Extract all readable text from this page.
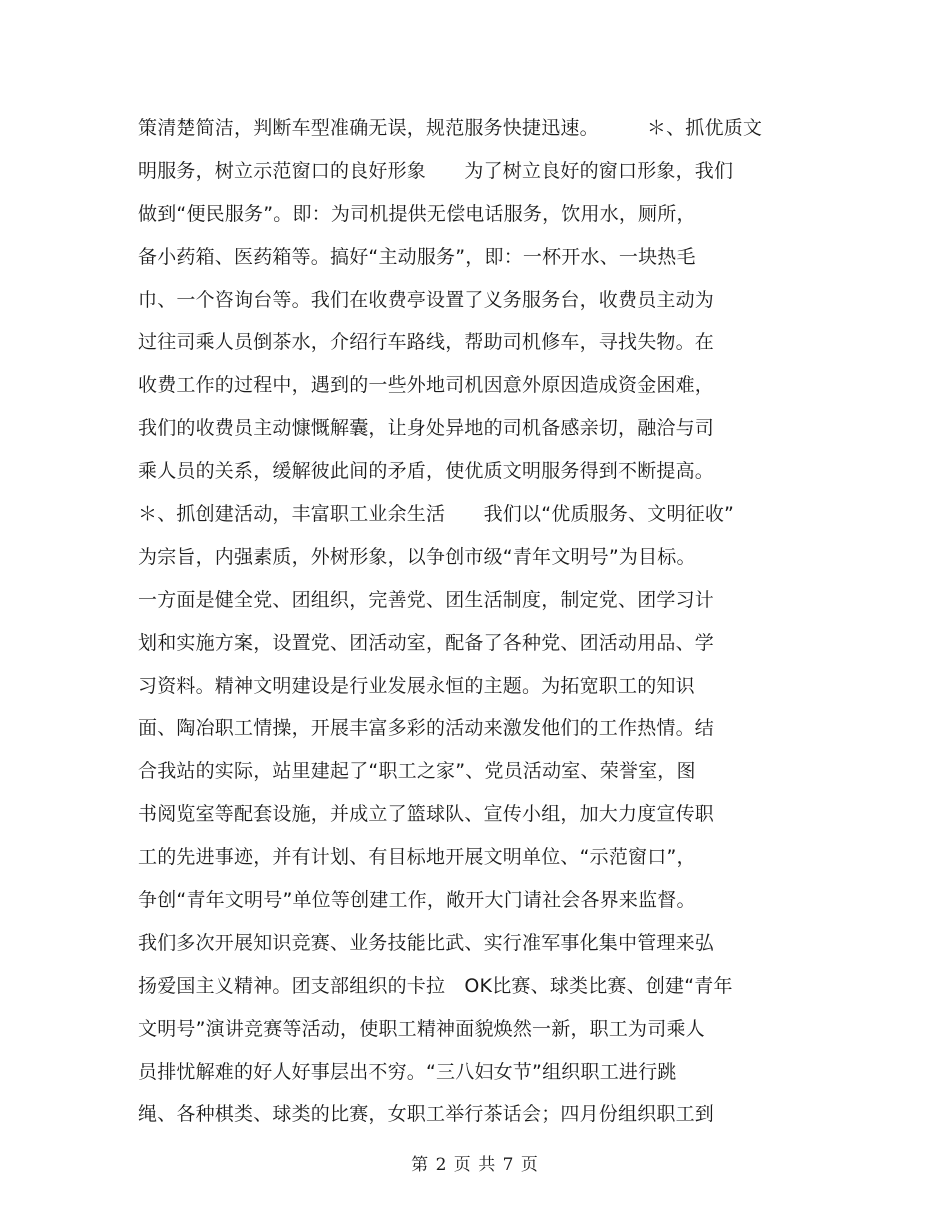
策清楚简洁，判断车型准确无误，规范服务快捷迅速。　　　＊、抓优质文
明服务，树立示范窗口的良好形象　　为了树立良好的窗口形象，我们
做到“便民服务”。即：为司机提供无偿电话服务，饮用水，厕所，
备小药箱、医药箱等。搞好“主动服务”，即：一杯开水、一块热毛
巾、一个咨询台等。我们在收费亭设置了义务服务台，收费员主动为
过往司乘人员倒茶水，介绍行车路线，帮助司机修车，寻找失物。在
收费工作的过程中，遇到的一些外地司机因意外原因造成资金困难，
我们的收费员主动慷慨解囊，让身处异地的司机备感亲切，融洽与司
乘人员的关系，缓解彼此间的矛盾，使优质文明服务得到不断提高。
＊、抓创建活动，丰富职工业余生活　　我们以“优质服务、文明征收”
为宗旨，内强素质，外树形象，以争创市级“青年文明号”为目标。
一方面是健全党、团组织，完善党、团生活制度，制定党、团学习计
划和实施方案，设置党、团活动室，配备了各种党、团活动用品、学
习资料。精神文明建设是行业发展永恒的主题。为拓宽职工的知识
面、陶冶职工情操，开展丰富多彩的活动来激发他们的工作热情。结
合我站的实际，站里建起了“职工之家”、党员活动室、荣誉室，图
书阅览室等配套设施，并成立了篮球队、宣传小组，加大力度宣传职
工的先进事迹，并有计划、有目标地开展文明单位、“示范窗口”，
争创“青年文明号”单位等创建工作，敞开大门请社会各界来监督。
我们多次开展知识竞赛、业务技能比武、实行准军事化集中管理来弘
扬爱国主义精神。团支部组织的卡拉　OK比赛、球类比赛、创建“青年
文明号”演讲竞赛等活动，使职工精神面貌焕然一新，职工为司乘人
员排忧解难的好人好事层出不穷。“三八妇女节”组织职工进行跳
绳、各种棋类、球类的比赛，女职工举行茶话会；四月份组织职工到
第 2 页 共 7 页
